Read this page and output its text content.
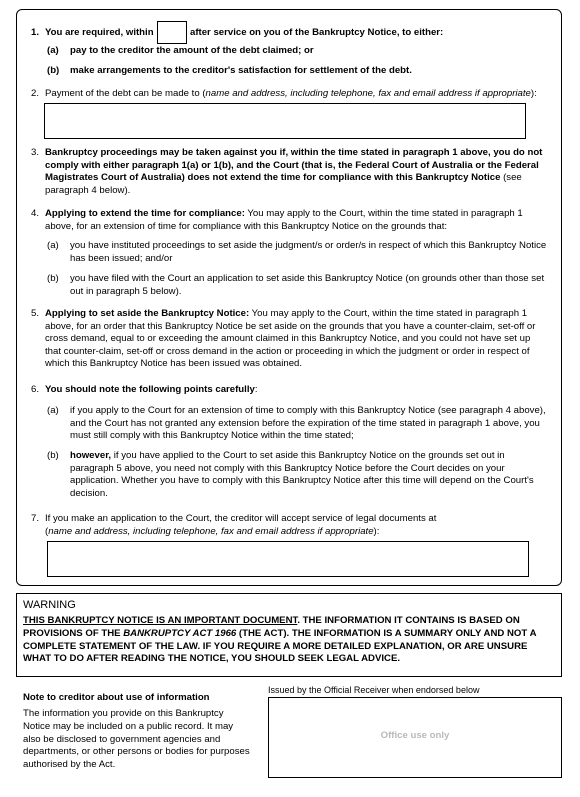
1. You are required, within	after service on you of the Bankruptcy Notice, to either:
(a) pay to the creditor the amount of the debt claimed; or
(b) make arrangements to the creditor's satisfaction for settlement of the debt.
2. Payment of the debt can be made to (name and address, including telephone, fax and email address if appropriate):
3. Bankruptcy proceedings may be taken against you if, within the time stated in paragraph 1 above, you do not comply with either paragraph 1(a) or 1(b), and the Court (that is, the Federal Court of Australia or the Federal Magistrates Court of Australia) does not extend the time for compliance with this Bankruptcy Notice (see paragraph 4 below).
4. Applying to extend the time for compliance: You may apply to the Court, within the time stated in paragraph 1 above, for an extension of time for compliance with this Bankruptcy Notice on the grounds that:
(a) you have instituted proceedings to set aside the judgment/s or order/s in respect of which this Bankruptcy Notice has been issued; and/or
(b) you have filed with the Court an application to set aside this Bankruptcy Notice (on grounds other than those set out in paragraph 5 below).
5. Applying to set aside the Bankruptcy Notice: You may apply to the Court, within the time stated in paragraph 1 above, for an order that this Bankruptcy Notice be set aside on the grounds that you have a counter-claim, set-off or cross demand, equal to or exceeding the amount claimed in this Bankruptcy Notice, and you could not have set up that counter-claim, set-off or cross demand in the action or proceeding in which the judgment or order in respect of which this Bankruptcy Notice has been issued was obtained.
6. You should note the following points carefully:
(a) if you apply to the Court for an extension of time to comply with this Bankruptcy Notice (see paragraph 4 above), and the Court has not granted any extension before the expiration of the time stated in paragraph 1 above, you must still comply with this Bankruptcy Notice within the time stated;
(b) however, if you have applied to the Court to set aside this Bankruptcy Notice on the grounds set out in paragraph 5 above, you need not comply with this Bankruptcy Notice before the Court decides on your application. Whether you have to comply with this Bankruptcy Notice after this time will depend on the Court's decision.
7. If you make an application to the Court, the creditor will accept service of legal documents at
(name and address, including telephone, fax and email address if appropriate):
WARNING
THIS BANKRUPTCY NOTICE IS AN IMPORTANT DOCUMENT. THE INFORMATION IT CONTAINS IS BASED ON PROVISIONS OF THE BANKRUPTCY ACT 1966 (THE ACT). THE INFORMATION IS A SUMMARY ONLY AND NOT A COMPLETE STATEMENT OF THE LAW. IF YOU REQUIRE A MORE DETAILED EXPLANATION, OR ARE UNSURE WHAT TO DO AFTER READING THE NOTICE, YOU SHOULD SEEK LEGAL ADVICE.
Note to creditor about use of information
The information you provide on this Bankruptcy Notice may be included on a public record. It may also be disclosed to government agencies and departments, or other persons or bodies for purposes authorised by the Act.
Issued by the Official Receiver when endorsed below
Office use only
